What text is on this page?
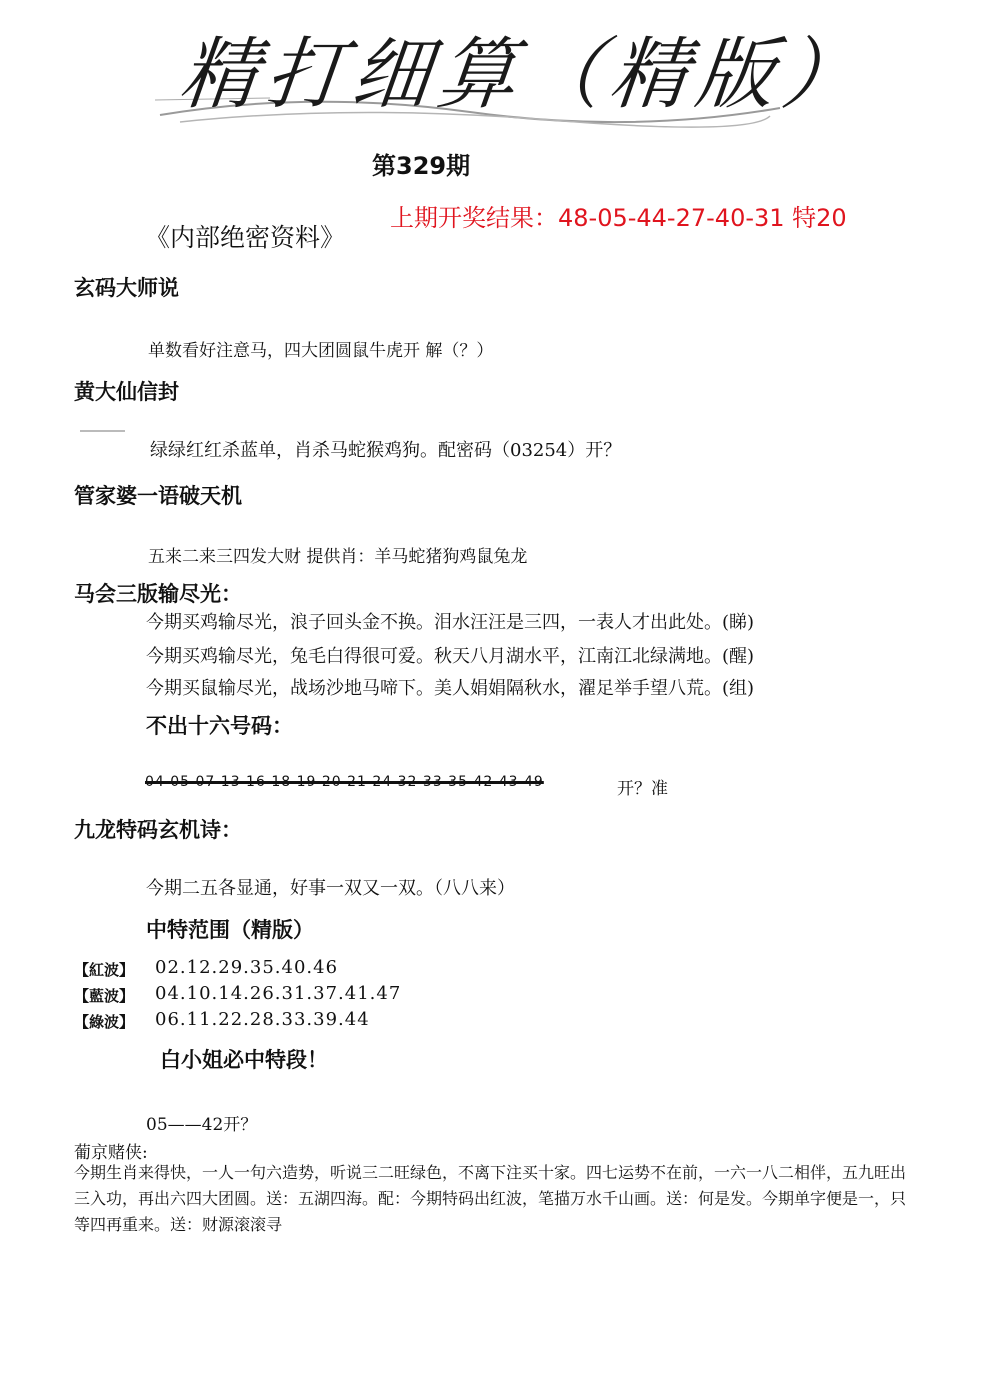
精打细算（精版）
第329期
上期开奖结果：48-05-44-27-40-31 特20
《内部绝密资料》
玄码大师说
单数看好注意马，四大团圆鼠牛虎开 解（？）
黄大仙信封
绿绿红红杀蓝单，肖杀马蛇猴鸡狗。配密码（03254）开？
管家婆一语破天机
五来二来三四发大财 提供肖：羊马蛇猪狗鸡鼠兔龙
马会三版输尽光：
今期买鸡输尽光，浪子回头金不换。泪水汪汪是三四，一表人才出此处。(睇)
今期买鸡输尽光，兔毛白得很可爱。秋天八月湖水平，江南江北绿满地。(醒)
今期买鼠输尽光，战场沙地马啼下。美人娟娟隔秋水，濯足举手望八荒。(组)
不出十六号码：
04 05 07 13 16 18 19 20 21 24 32 33 35 42 43 49	开？准
九龙特码玄机诗：
今期二五各显通，好事一双又一双。（八八来）
中特范围（精版）
【紅波】 02.12.29.35.40.46
【藍波】 04.10.14.26.31.37.41.47
【綠波】 06.11.22.28.33.39.44
白小姐必中特段！
05——42开？
葡京赌侠:
今期生肖来得快，一人一句六造势，听说三二旺绿色，不离下注买十家。四七运势不在前，一六一八二相伴，五九旺出三入功，再出六四大团圆。送：五湖四海。配：今期特码出红波，笔描万水千山画。送：何是发。今期单字便是一，只等四再重来。送：财源滚滚寻
